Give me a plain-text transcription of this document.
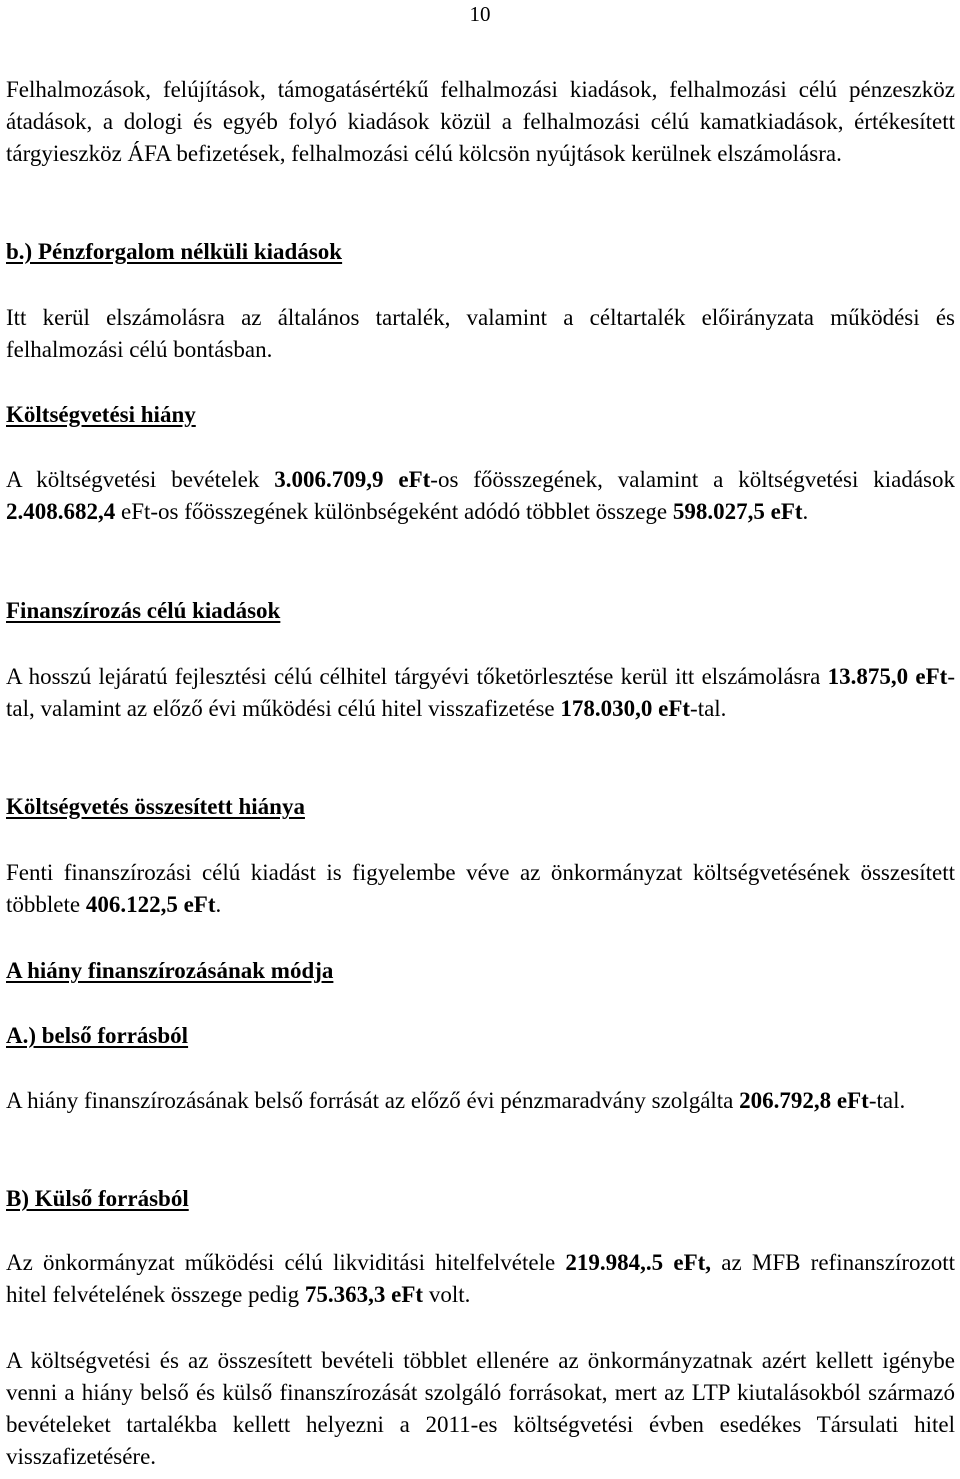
10

Felhalmozások, felújítások, támogatásértékű felhalmozási kiadások, felhalmozási célú pénzeszköz átadások, a dologi és egyéb folyó kiadások közül a felhalmozási célú kamatkiadások, értékesített tárgyieszköz ÁFA befizetések, felhalmozási célú kölcsön nyújtások kerülnek elszámolásra.

b.) Pénzforgalom nélküli kiadások

Itt kerül elszámolásra az általános tartalék, valamint a céltartalék előirányzata működési és felhalmozási célú bontásban.

Költségvetési hiány

A költségvetési bevételek 3.006.709,9 eFt-os főösszegének, valamint a költségvetési kiadások 2.408.682,4 eFt-os főösszegének különbségeként adódó többlet összege 598.027,5 eFt.

Finanszírozás célú kiadások

A hosszú lejáratú fejlesztési célú célhitel tárgyévi tőketörlesztése kerül itt elszámolásra 13.875,0 eFt-tal, valamint az előző évi működési célú hitel visszafizetése 178.030,0 eFt-tal.

Költségvetés összesített hiánya

Fenti finanszírozási célú kiadást is figyelembe véve az önkormányzat költségvetésének összesített többlete 406.122,5 eFt.

A hiány finanszírozásának módja
A.) belső forrásból

A hiány finanszírozásának belső forrását az előző évi pénzmaradvány szolgálta 206.792,8 eFt-tal.

B) Külső forrásból

Az önkormányzat működési célú likviditási hitelfelvétele 219.984,.5 eFt, az MFB refinanszírozott hitel felvételének összege pedig 75.363,3 eFt volt.

A költségvetési és az összesített bevételi többlet ellenére az önkormányzatnak azért kellett igénybe venni a hiány belső és külső finanszírozását szolgáló forrásokat, mert az LTP kiutalásokból származó bevételeket tartalékba kellett helyezni a 2011-es költségvetési évben esedékes Társulati hitel visszafizetésére.
